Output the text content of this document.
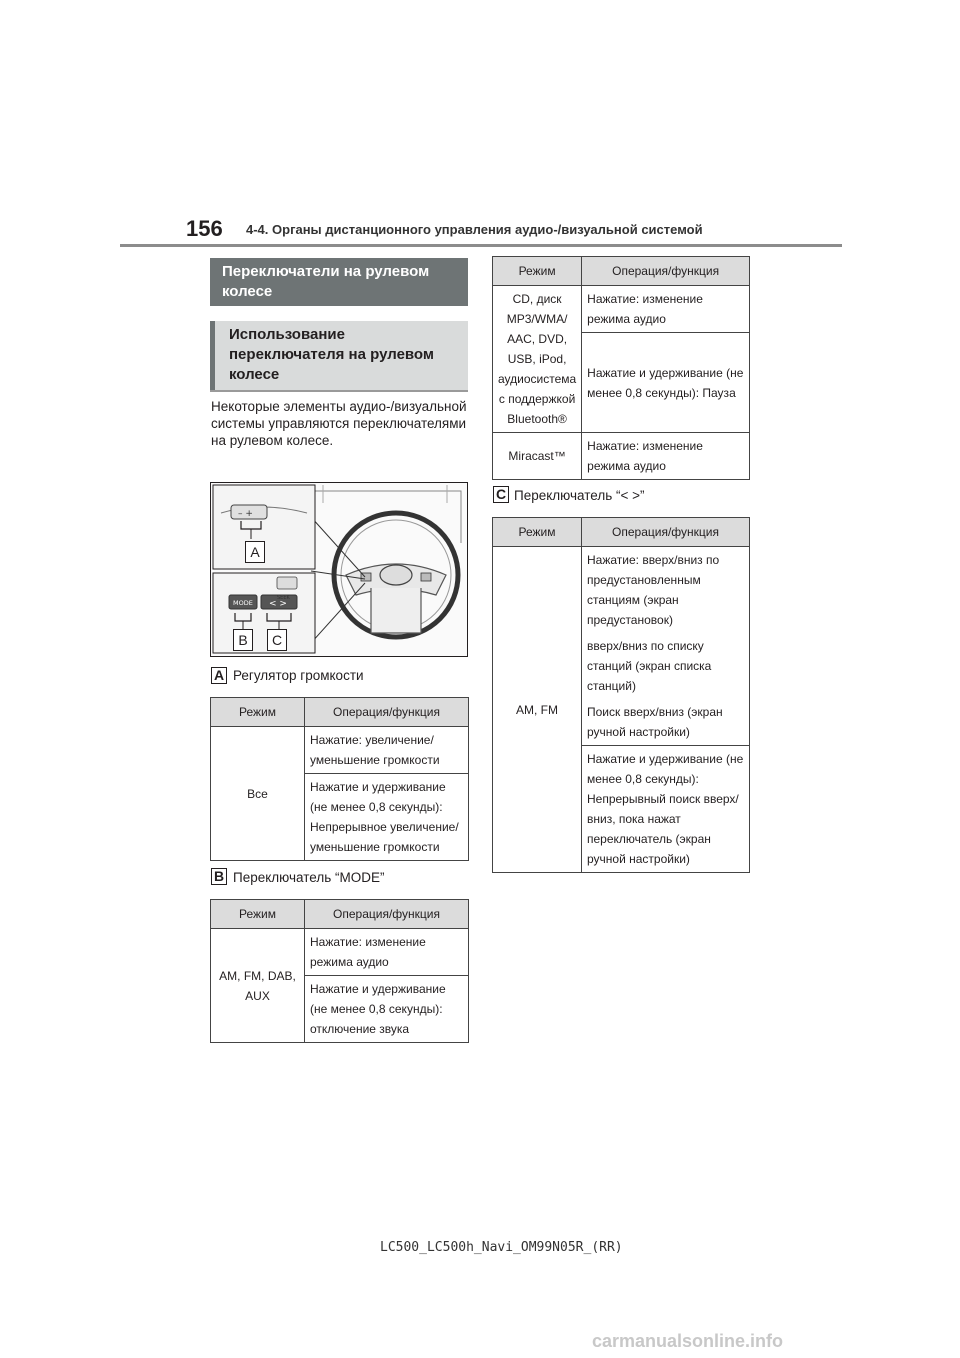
156 4-4. Органы дистанционного управления аудио-/визуальной системой
Переключатели на рулевом колесе
Использование переключателя на рулевом колесе
Некоторые элементы аудио-/визуальной системы управляются переключателями на рулевом колесе.
– +
MODE < >
SEEK
A
B	C
A Регулятор громкости
Режим	Операция/функция
Все	Нажатие: увеличение/ уменьшение громкости
	Нажатие и удерживание (не менее 0,8 секунды): Непрерывное увеличение/ уменьшение громкости
B Переключатель “MODE”
Режим	Операция/функция
AM, FM, DAB, AUX	Нажатие: изменение режима аудио
	Нажатие и удерживание (не менее 0,8 секунды): отключение звука
Режим	Операция/функция
CD, диск MP3/WMA/ AAC, DVD, USB, iPod, аудиосистема с поддержкой Bluetooth®	Нажатие: изменение режима аудио
	Нажатие и удерживание (не менее 0,8 секунды): Пауза
Miracast™	Нажатие: изменение режима аудио
C Переключатель “< >”
Режим	Операция/функция
AM, FM	Нажатие: вверх/вниз по предустановленным станциям (экран предустановок)
вверх/вниз по списку станций (экран списка станций)
Поиск вверх/вниз (экран ручной настройки)

	Нажатие и удерживание (не менее 0,8 секунды): Непрерывный поиск вверх/вниз, пока нажат переключатель (экран ручной настройки)
LC500_LC500h_Navi_OM99N05R_(RR)
carmanualsonline.info
